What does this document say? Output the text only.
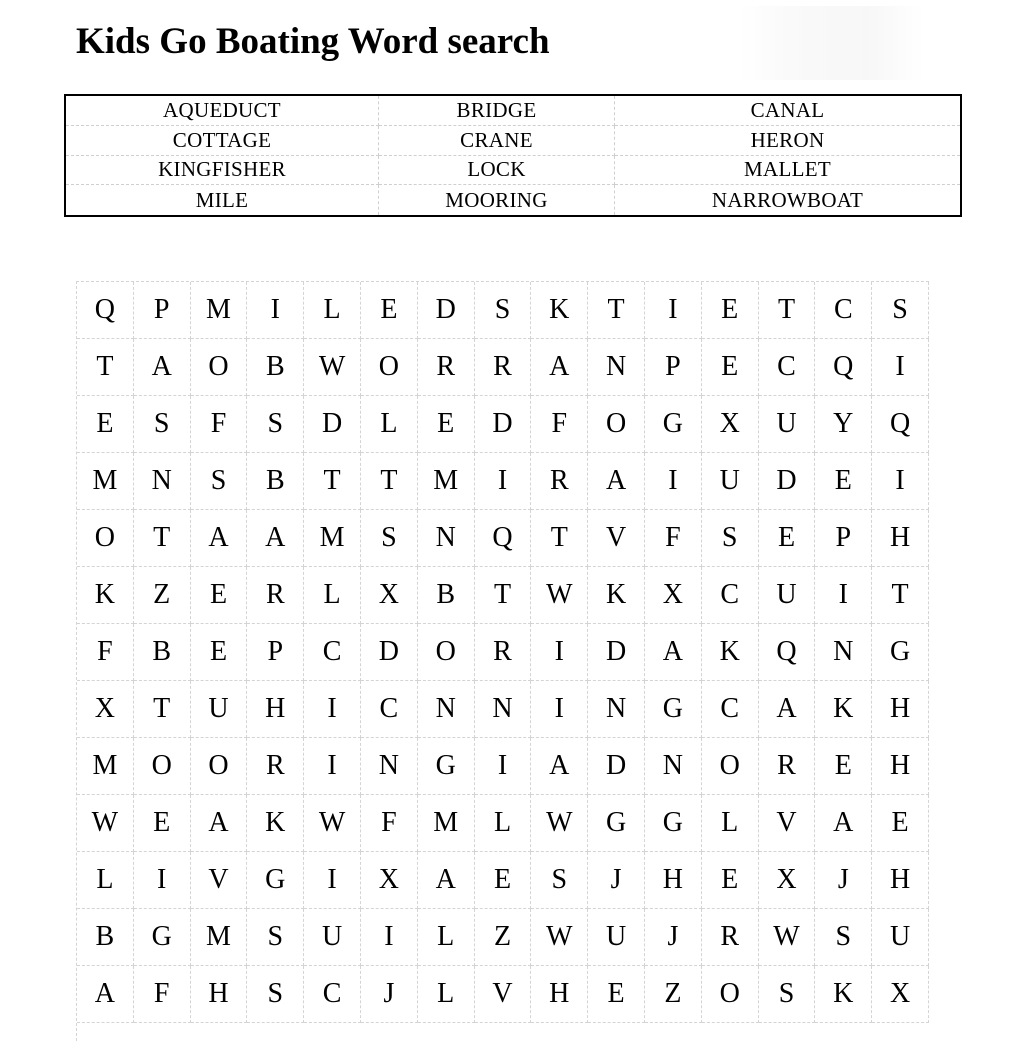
Kids Go Boating Word search
AQUEDUCT	BRIDGE	CANAL
COTTAGE	CRANE	HERON
KINGFISHER	LOCK	MALLET
MILE	MOORING	NARROWBOAT
Q	P	M	I	L	E	D	S	K	T	I	E	T	C	S
T	A	O	B	W	O	R	R	A	N	P	E	C	Q	I
E	S	F	S	D	L	E	D	F	O	G	X	U	Y	Q
M	N	S	B	T	T	M	I	R	A	I	U	D	E	I
O	T	A	A	M	S	N	Q	T	V	F	S	E	P	H
K	Z	E	R	L	X	B	T	W	K	X	C	U	I	T
F	B	E	P	C	D	O	R	I	D	A	K	Q	N	G
X	T	U	H	I	C	N	N	I	N	G	C	A	K	H
M	O	O	R	I	N	G	I	A	D	N	O	R	E	H
W	E	A	K	W	F	M	L	W	G	G	L	V	A	E
L	I	V	G	I	X	A	E	S	J	H	E	X	J	H
B	G	M	S	U	I	L	Z	W	U	J	R	W	S	U
A	F	H	S	C	J	L	V	H	E	Z	O	S	K	X
